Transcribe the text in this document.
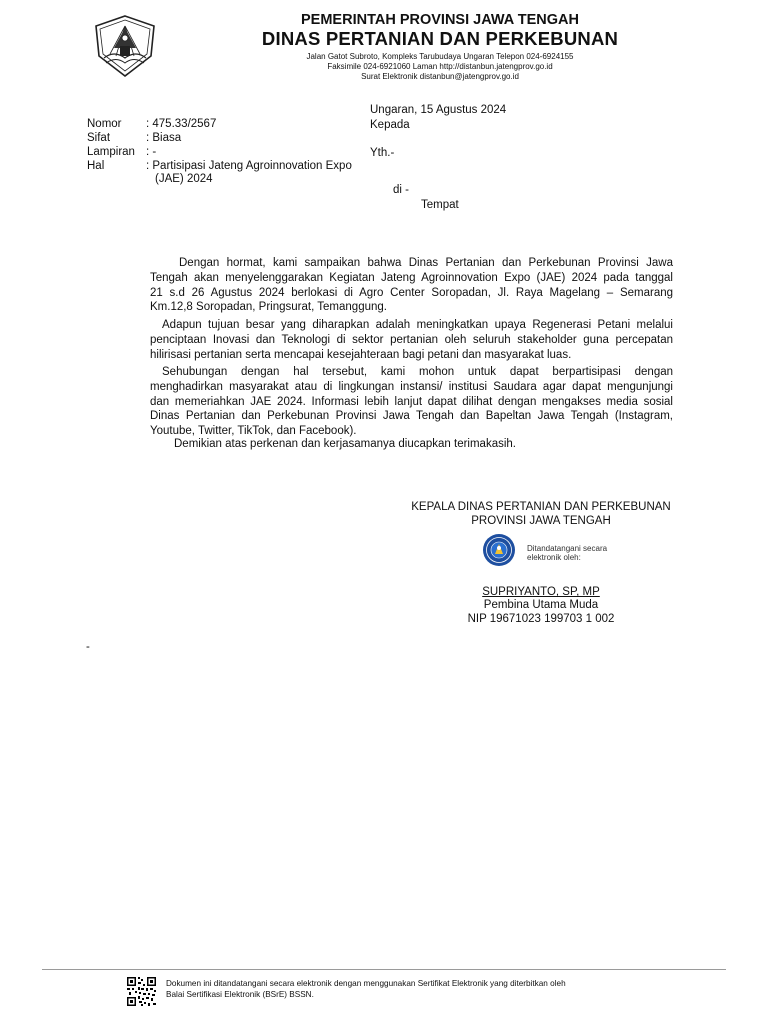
PEMERINTAH PROVINSI JAWA TENGAH
DINAS PERTANIAN DAN PERKEBUNAN
Jalan Gatot Subroto, Kompleks Tarubudaya Ungaran Telepon 024-6924155
Faksimile 024-6921060 Laman http://distanbun.jatengprov.go.id
Surat Elektronik distanbun@jatengprov.go.id
Ungaran, 15 Agustus 2024
Kepada
Yth.-
di -
Tempat
Nomor : 475.33/2567
Sifat	: Biasa
Lampiran : -
Hal	: Partisipasi Jateng Agroinnovation Expo
(JAE) 2024
Dengan hormat, kami sampaikan bahwa Dinas Pertanian dan Perkebunan Provinsi Jawa
Tengah akan menyelenggarakan Kegiatan Jateng Agroinnovation Expo (JAE) 2024 pada tanggal
21 s.d 26 Agustus 2024 berlokasi di Agro Center Soropadan, Jl. Raya Magelang – Semarang
Km.12,8 Soropadan, Pringsurat, Temanggung.
Adapun tujuan besar yang diharapkan adalah meningkatkan upaya Regenerasi Petani melalui
penciptaan Inovasi dan Teknologi di sektor pertanian oleh seluruh stakeholder guna percepatan
hilirisasi pertanian serta mencapai kesejahteraan bagi petani dan masyarakat luas.
Sehubungan dengan hal tersebut, kami mohon untuk dapat berpartisipasi dengan
menghadirkan masyarakat atau di lingkungan instansi/ institusi Saudara agar dapat mengunjungi
dan memeriahkan JAE 2024. Informasi lebih lanjut dapat dilihat dengan mengakses media sosial
Dinas Pertanian dan Perkebunan Provinsi Jawa Tengah dan Bapeltan Jawa Tengah (Instagram,
Youtube, Twitter, TikTok, dan Facebook).
Demikian atas perkenan dan kerjasamanya diucapkan terimakasih.
KEPALA DINAS PERTANIAN DAN PERKEBUNAN
PROVINSI JAWA TENGAH
Ditandatangani secara
elektronik oleh:
SUPRIYANTO, SP, MP
Pembina Utama Muda
NIP 19671023 199703 1 002
-
Dokumen ini ditandatangani secara elektronik dengan menggunakan Sertifikat Elektronik yang diterbitkan oleh
Balai Sertifikasi Elektronik (BSrE) BSSN.
